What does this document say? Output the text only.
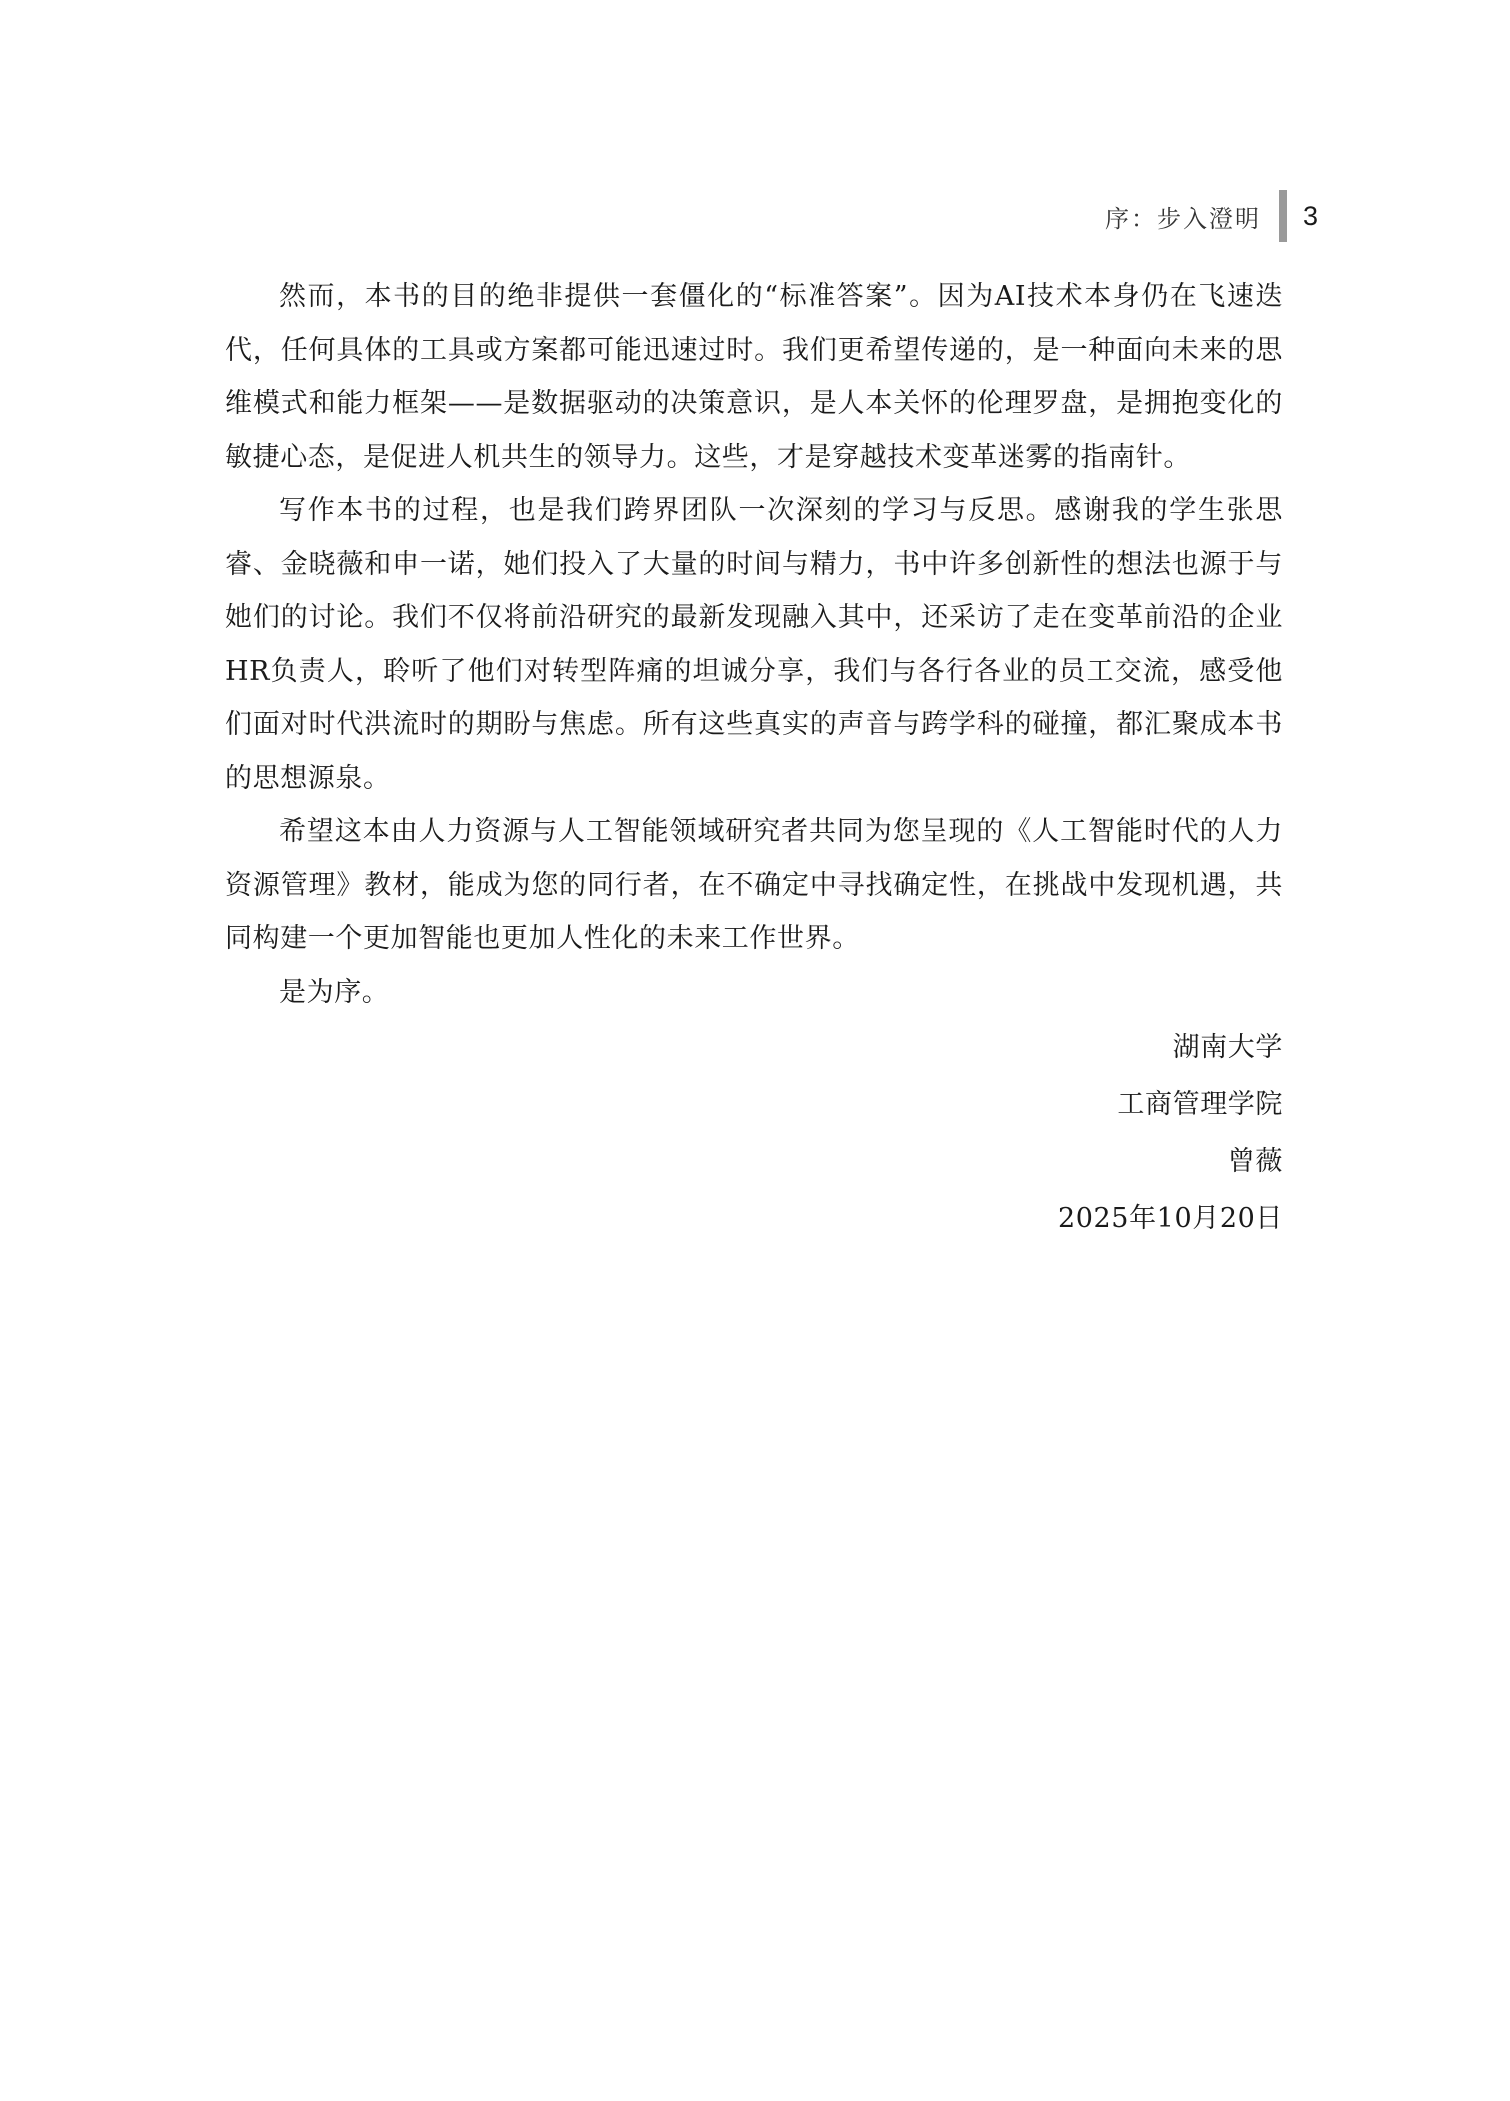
序：步入澄明 3

然而，本书的目的绝非提供一套僵化的“标准答案”。因为AI技术本身仍在飞速迭代，任何具体的工具或方案都可能迅速过时。我们更希望传递的，是一种面向未来的思维模式和能力框架——是数据驱动的决策意识，是人本关怀的伦理罗盘，是拥抱变化的敏捷心态，是促进人机共生的领导力。这些，才是穿越技术变革迷雾的指南针。

写作本书的过程，也是我们跨界团队一次深刻的学习与反思。感谢我的学生张思睿、金晓薇和申一诺，她们投入了大量的时间与精力，书中许多创新性的想法也源于与她们的讨论。我们不仅将前沿研究的最新发现融入其中，还采访了走在变革前沿的企业HR负责人，聆听了他们对转型阵痛的坦诚分享，我们与各行各业的员工交流，感受他们面对时代洪流时的期盼与焦虑。所有这些真实的声音与跨学科的碰撞，都汇聚成本书的思想源泉。

希望这本由人力资源与人工智能领域研究者共同为您呈现的《人工智能时代的人力资源管理》教材，能成为您的同行者，在不确定中寻找确定性，在挑战中发现机遇，共同构建一个更加智能也更加人性化的未来工作世界。

是为序。

湖南大学
工商管理学院
曾薇
2025年10月20日
